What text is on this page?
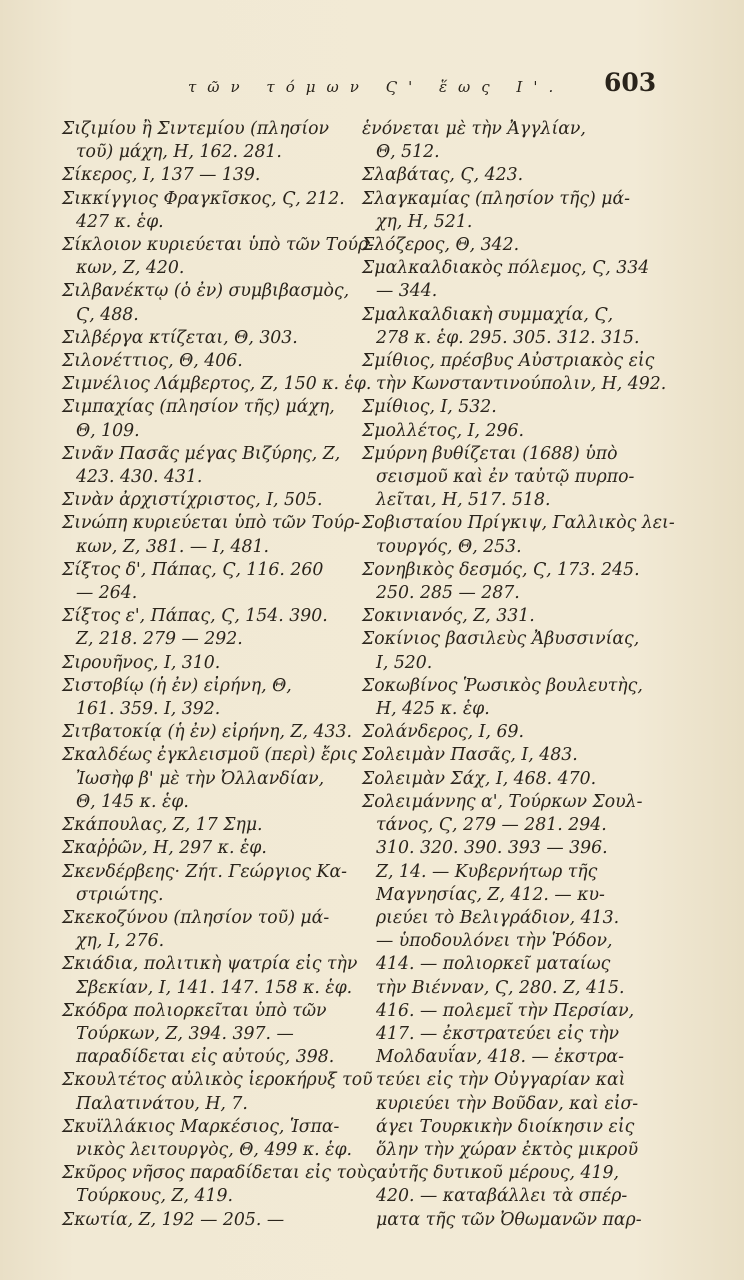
τῶν τόμων Ϛ' ἕως Ι'. 603
Σιζιμίου ἢ Σιντεμίου (πλησίον
τοῦ) μάχη, Η, 162. 281.
Σίκερος, Ι, 137 — 139.
Σικκίγγιος Φραγκῖσκος, Ϛ, 212.
427 κ. ἑφ.
Σίκλοιον κυριεύεται ὑπὸ τῶν Τούρ-
κων, Ζ, 420.
Σιλβανέκτῳ (ὁ ἐν) συμβιβασμὸς,
Ϛ, 488.
Σιλβέργα κτίζεται, Θ, 303.
Σιλονέττιος, Θ, 406.
Σιμνέλιος Λάμβερτος, Ζ, 150 κ. ἑφ.
Σιμπαχίας (πλησίον τῆς) μάχη,
Θ, 109.
Σινᾶν Πασᾶς μέγας Βιζύρης, Ζ,
423. 430. 431.
Σινὰν ἀρχιστίχριστος, Ι, 505.
Σινώπη κυριεύεται ὑπὸ τῶν Τούρ-
κων, Ζ, 381. — Ι, 481.
Σίξτος δ', Πάπας, Ϛ, 116. 260
— 264.
Σίξτος ε', Πάπας, Ϛ, 154. 390.
Ζ, 218. 279 — 292.
Σιρουῆνος, Ι, 310.
Σιστοβίῳ (ἡ ἐν) εἰρήνη, Θ,
161. 359. Ι, 392.
Σιτβατοκίᾳ (ἡ ἐν) εἰρήνη, Ζ, 433.
Σκαλδέως ἐγκλεισμοῦ (περὶ) ἔρις
Ἰωσὴφ β' μὲ τὴν Ὀλλανδίαν,
Θ, 145 κ. ἑφ.
Σκάπουλας, Ζ, 17 Σημ.
Σκαῤῥῶν, Η, 297 κ. ἑφ.
Σκενδέρβεης· Ζήτ. Γεώργιος Κα-
στριώτης.
Σκεκοζύνου (πλησίον τοῦ) μά-
χη, Ι, 276.
Σκιάδια, πολιτικὴ ψατρία εἰς τὴν
Σβεκίαν, Ι, 141. 147. 158 κ. ἑφ.
Σκόδρα πολιορκεῖται ὑπὸ τῶν
Τούρκων, Ζ, 394. 397. —
παραδίδεται εἰς αὐτούς, 398.
Σκουλτέτος αὐλικὸς ἱεροκήρυξ τοῦ
Παλατινάτου, Η, 7.
Σκυϊλλάκιος Μαρκέσιος, Ἱσπα-
νικὸς λειτουργὸς, Θ, 499 κ. ἑφ.
Σκῦρος νῆσος παραδίδεται εἰς τοὺς
Τούρκους, Ζ, 419.
Σκωτία, Ζ, 192 — 205. —
ἑνόνεται μὲ τὴν Ἀγγλίαν,
Θ, 512.
Σλαβάτας, Ϛ, 423.
Σλαγκαμίας (πλησίον τῆς) μά-
χη, Η, 521.
Σλόζερος, Θ, 342.
Σμαλκαλδιακὸς πόλεμος, Ϛ, 334
— 344.
Σμαλκαλδιακὴ συμμαχία, Ϛ,
278 κ. ἑφ. 295. 305. 312. 315.
Σμίθιος, πρέσβυς Αὐστριακὸς εἰς
τὴν Κωνσταντινούπολιν, Η, 492.
Σμίθιος, Ι, 532.
Σμολλέτος, Ι, 296.
Σμύρνη βυθίζεται (1688) ὑπὸ
σεισμοῦ καὶ ἐν ταὐτῷ πυρπο-
λεῖται, Η, 517. 518.
Σοβισταίου Πρίγκιψ, Γαλλικὸς λει-
τουργός, Θ, 253.
Σονηβικὸς δεσμός, Ϛ, 173. 245.
250. 285 — 287.
Σοκινιανός, Ζ, 331.
Σοκίνιος βασιλεὺς Ἀβυσσινίας,
Ι, 520.
Σοκωβίνος Ῥωσικὸς βουλευτὴς,
Η, 425 κ. ἑφ.
Σολάνδερος, Ι, 69.
Σολειμὰν Πασᾶς, Ι, 483.
Σολειμὰν Σάχ, Ι, 468. 470.
Σολειμάννης α', Τούρκων Σουλ-
τάνος, Ϛ, 279 — 281. 294.
310. 320. 390. 393 — 396.
Ζ, 14. — Κυβερνήτωρ τῆς
Μαγνησίας, Ζ, 412. — κυ-
ριεύει τὸ Βελιγράδιον, 413.
— ὑποδουλόνει τὴν Ῥόδον,
414. — πολιορκεῖ ματαίως
τὴν Βιένναν, Ϛ, 280. Ζ, 415.
416. — πολεμεῖ τὴν Περσίαν,
417. — ἐκστρατεύει εἰς τὴν
Μολδαυΐαν, 418. — ἐκστρα-
τεύει εἰς τὴν Οὐγγαρίαν καὶ
κυριεύει τὴν Βοῦδαν, καὶ εἰσ-
άγει Τουρκικὴν διοίκησιν εἰς
ὅλην τὴν χώραν ἐκτὸς μικροῦ
αὐτῆς δυτικοῦ μέρους, 419,
420. — καταβάλλει τὰ σπέρ-
ματα τῆς τῶν Ὀθωμανῶν παρ-
